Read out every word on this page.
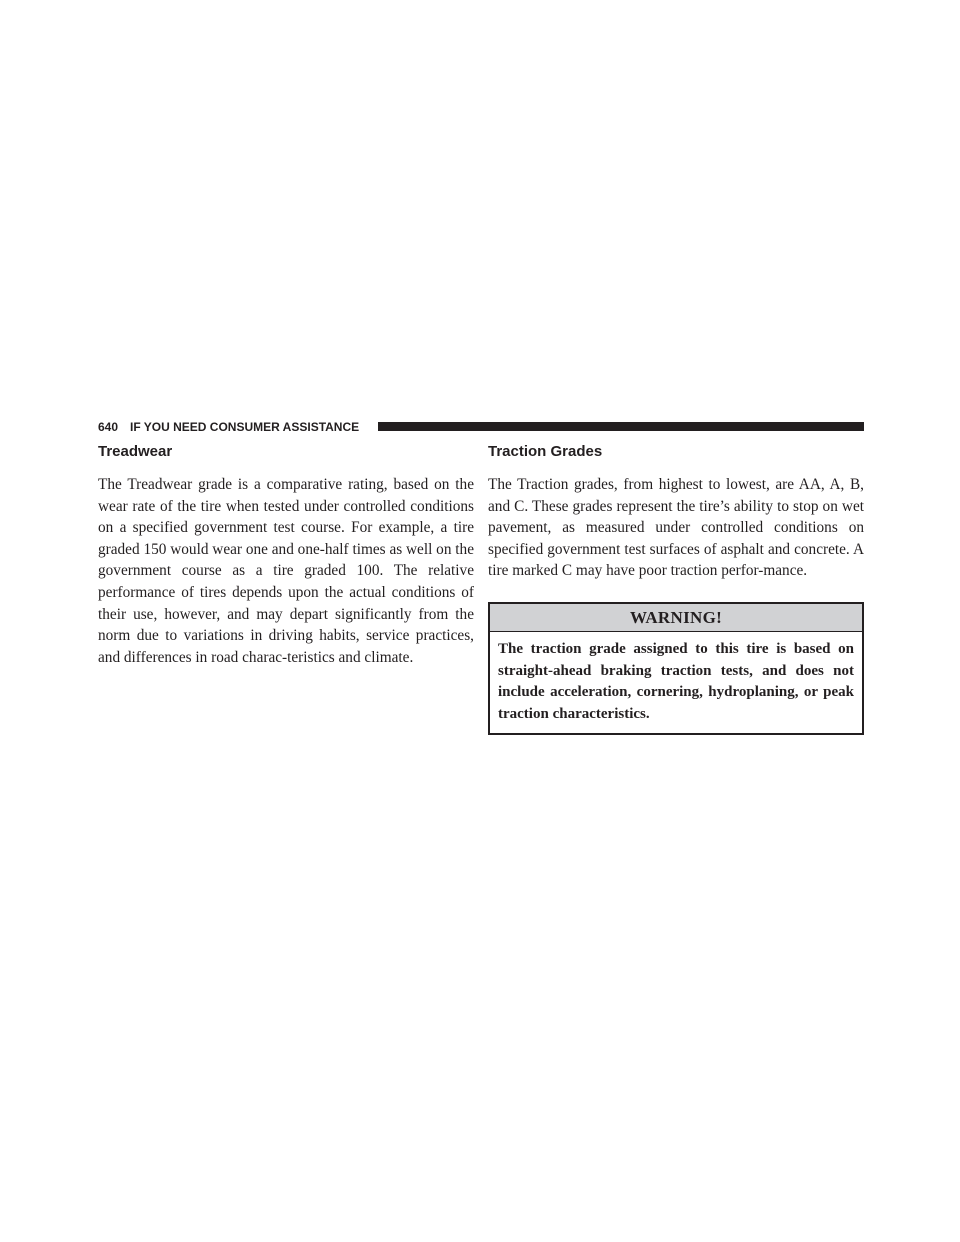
640 IF YOU NEED CONSUMER ASSISTANCE
Treadwear

The Treadwear grade is a comparative rating, based on the wear rate of the tire when tested under controlled conditions on a specified government test course. For example, a tire graded 150 would wear one and one-half times as well on the government course as a tire graded 100. The relative performance of tires depends upon the actual conditions of their use, however, and may depart significantly from the norm due to variations in driving habits, service practices, and differences in road charac-teristics and climate.

Traction Grades

The Traction grades, from highest to lowest, are AA, A, B, and C. These grades represent the tire’s ability to stop on wet pavement, as measured under controlled conditions on specified government test surfaces of asphalt and concrete. A tire marked C may have poor traction perfor-mance.

WARNING!

The traction grade assigned to this tire is based on straight-ahead braking traction tests, and does not include acceleration, cornering, hydroplaning, or peak traction characteristics.
